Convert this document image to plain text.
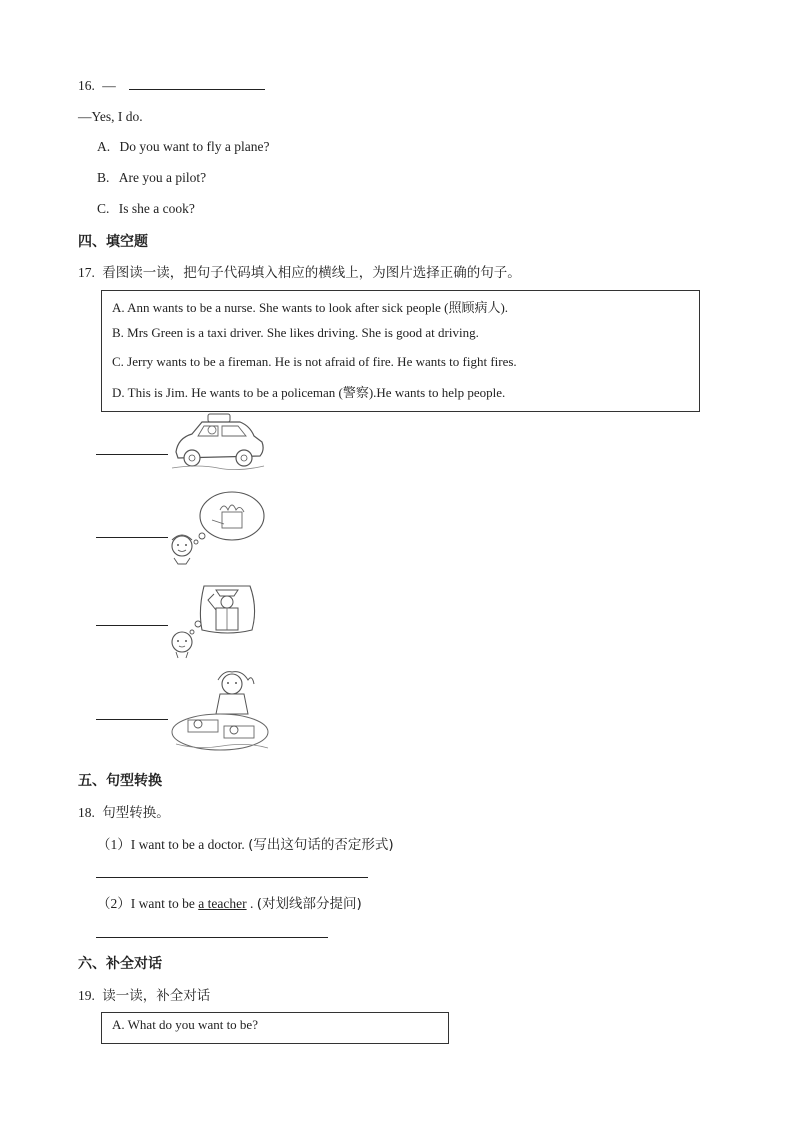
16. —
—Yes, I do.
A. Do you want to fly a plane?
B. Are you a pilot?
C. Is she a cook?
四、填空题
17. 看图读一读，把句子代码填入相应的横线上，为图片选择正确的句子。
A. Ann wants to be a nurse. She wants to look after sick people (照顾病人).
B. Mrs Green is a taxi driver. She likes driving. She is good at driving.
C. Jerry wants to be a fireman. He is not afraid of fire. He wants to fight fires.
D. This is Jim. He wants to be a policeman (警察).He wants to help people.
五、句型转换
18. 句型转换。
（1）I want to be a doctor. (写出这句话的否定形式)
（2）I want to be a teacher . (对划线部分提问)
六、补全对话
19. 读一读，补全对话
A. What do you want to be?
